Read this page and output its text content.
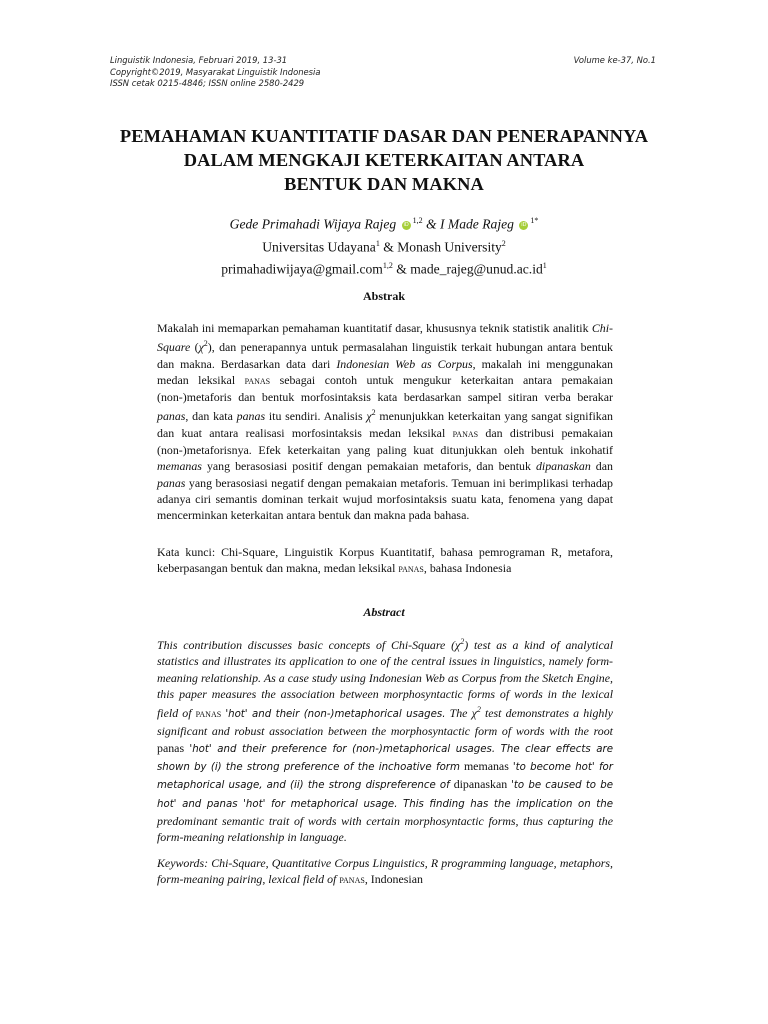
Linguistik Indonesia, Februari 2019, 13-31
Copyright©2019, Masyarakat Linguistik Indonesia
ISSN cetak 0215-4846; ISSN online 2580-2429
Volume ke-37, No.1
PEMAHAMAN KUANTITATIF DASAR DAN PENERAPANNYA
DALAM MENGKAJI KETERKAITAN ANTARA
BENTUK DAN MAKNA
Gede Primahadi Wijaya Rajeg iD $^{1,2}$ & I Made Rajeg iD $^{1*}$
Universitas Udayana$^1$ & Monash University$^2$
primahadiwijaya@gmail.com$^{1,2}$ & $made\_rajeg@unud.ac.id^1$
Abstrak
Makalah ini memaparkan pemahaman kuantitatif dasar, khususnya teknik statistik analitik Chi-Square $(\chi^2)$, dan penerapannya untuk permasalahan linguistik terkait hubungan antara bentuk dan makna. Berdasarkan data dari Indonesian Web as Corpus, makalah ini menggunakan medan leksikal panas sebagai contoh untuk mengukur keterkaitan antara pemakaian (non-)metaforis dan bentuk morfosintaksis kata berdasarkan sampel sitiran verba berakar panas, dan kata panas itu sendiri. Analisis $\chi^2$ menunjukkan keterkaitan yang sangat signifikan dan kuat antara realisasi morfosintaksis medan leksikal panas dan distribusi pemakaian (non-)metaforisnya. Efek keterkaitan yang paling kuat ditunjukkan oleh bentuk inkohatif memanas yang berasosiasi positif dengan pemakaian metaforis, dan bentuk dipanaskan dan panas yang berasosiasi negatif dengan pemakaian metaforis. Temuan ini berimplikasi terhadap adanya ciri semantis dominan terkait wujud morfosintaksis suatu kata, fenomena yang dapat mencerminkan keterkaitan antara bentuk dan makna pada bahasa.
Kata kunci: Chi-Square, Linguistik Korpus Kuantitatif, bahasa pemrograman R, metafora, keberpasangan bentuk dan makna, medan leksikal panas, bahasa Indonesia
Abstract
This contribution discusses basic concepts of Chi-Square $(\chi^2)$ test as a kind of analytical statistics and illustrates its application to one of the central issues in linguistics, namely form-meaning relationship. As a case study using Indonesian Web as Corpus from the Sketch Engine, this paper measures the association between morphosyntactic forms of words in the lexical field of panas 'hot' and their (non-)metaphorical usages. The $\chi^2$ test demonstrates a highly significant and robust association between the morphosyntactic form of words with the root panas 'hot' and their preference for (non-)metaphorical usages. The clear effects are shown by (i) the strong preference of the inchoative form memanas 'to become hot' for metaphorical usage, and (ii) the strong dispreference of dipanaskan 'to be caused to be hot' and panas 'hot' for metaphorical usage. This finding has the implication on the predominant semantic trait of words with certain morphosyntactic forms, thus capturing the form-meaning relationship in language.
Keywords: Chi-Square, Quantitative Corpus Linguistics, R programming language, metaphors, form-meaning pairing, lexical field of panas, Indonesian
